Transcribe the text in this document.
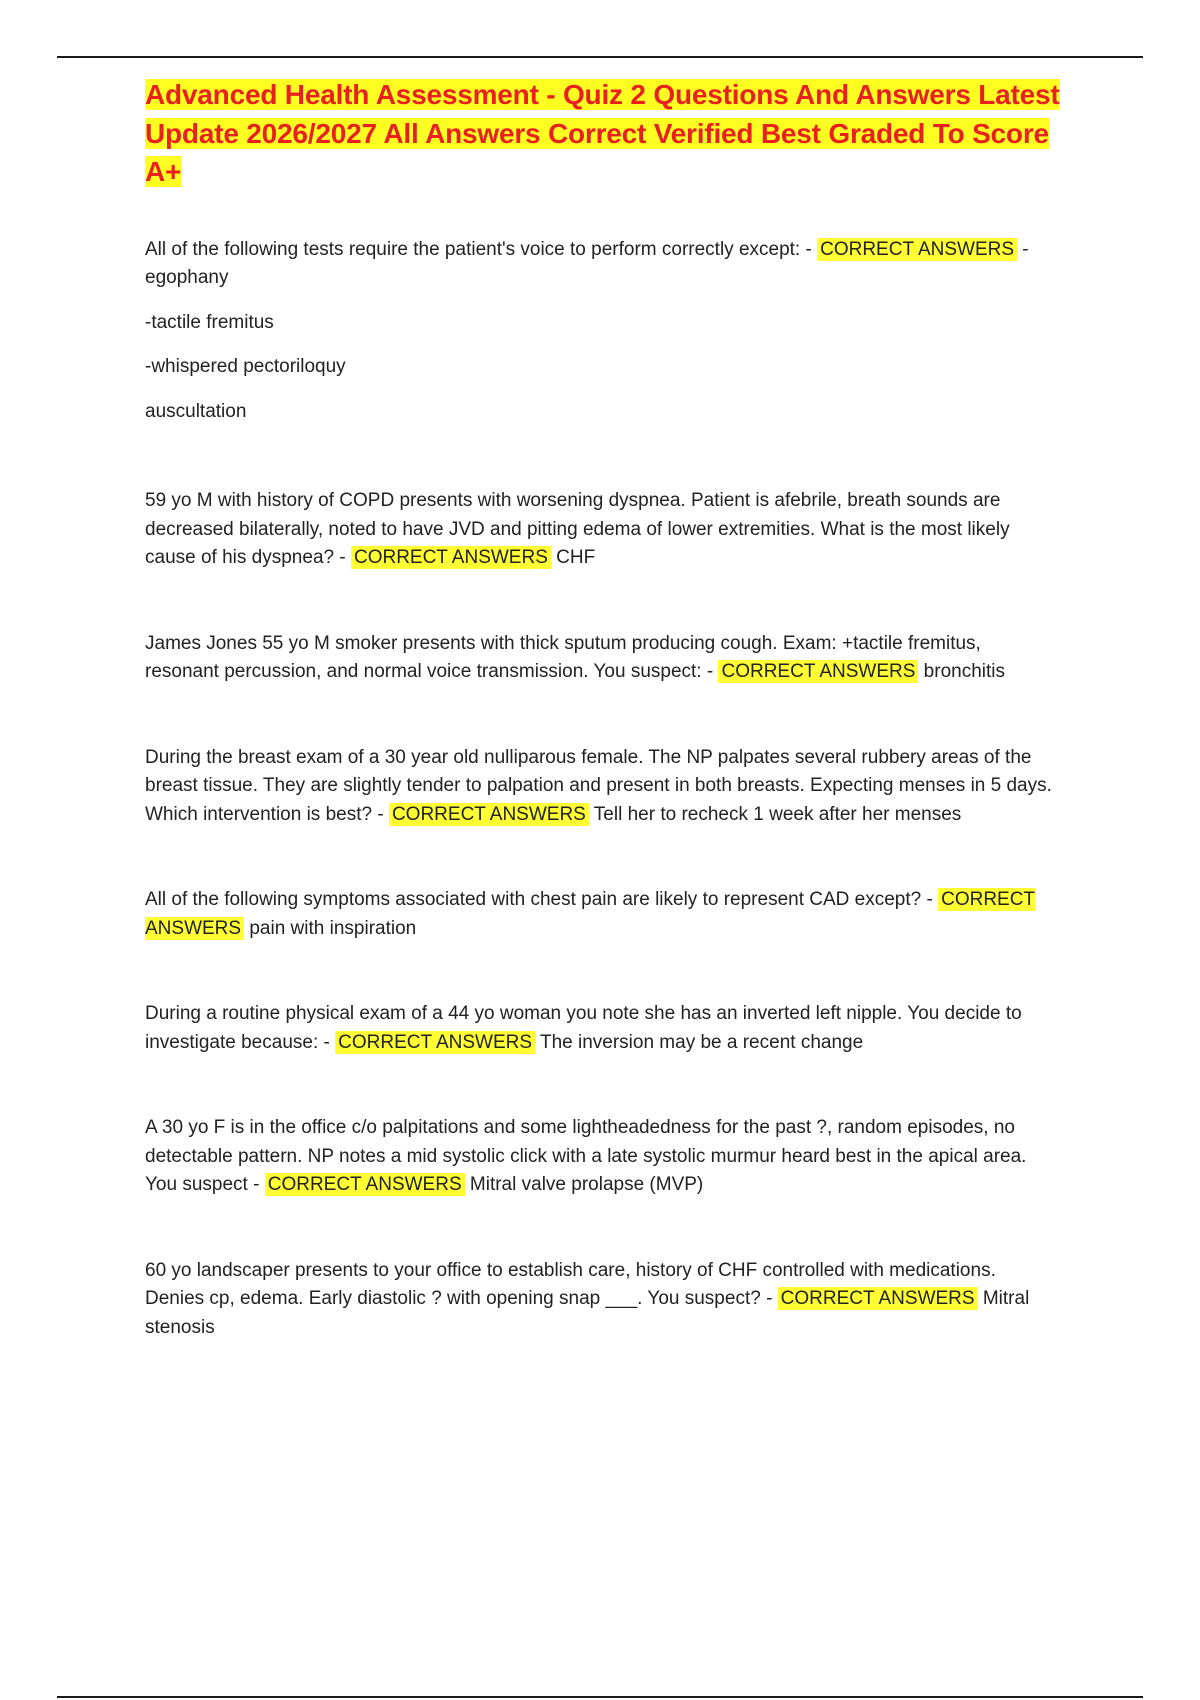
Advanced Health Assessment - Quiz 2 Questions And Answers Latest Update 2026/2027 All Answers Correct Verified Best Graded To Score A+

All of the following tests require the patient's voice to perform correctly except: - CORRECT ANSWERS -egophany

-tactile fremitus

-whispered pectoriloquy

auscultation

59 yo M with history of COPD presents with worsening dyspnea. Patient is afebrile, breath sounds are decreased bilaterally, noted to have JVD and pitting edema of lower extremities. What is the most likely cause of his dyspnea? - CORRECT ANSWERS CHF

James Jones 55 yo M smoker presents with thick sputum producing cough. Exam: +tactile fremitus, resonant percussion, and normal voice transmission. You suspect: - CORRECT ANSWERS bronchitis

During the breast exam of a 30 year old nulliparous female. The NP palpates several rubbery areas of the breast tissue. They are slightly tender to palpation and present in both breasts. Expecting menses in 5 days. Which intervention is best? - CORRECT ANSWERS Tell her to recheck 1 week after her menses

All of the following symptoms associated with chest pain are likely to represent CAD except? - CORRECT ANSWERS pain with inspiration

During a routine physical exam of a 44 yo woman you note she has an inverted left nipple. You decide to investigate because: - CORRECT ANSWERS The inversion may be a recent change

A 30 yo F is in the office c/o palpitations and some lightheadedness for the past ?, random episodes, no detectable pattern. NP notes a mid systolic click with a late systolic murmur heard best in the apical area. You suspect - CORRECT ANSWERS Mitral valve prolapse (MVP)

60 yo landscaper presents to your office to establish care, history of CHF controlled with medications. Denies cp, edema. Early diastolic ? with opening snap ___. You suspect? - CORRECT ANSWERS Mitral stenosis
